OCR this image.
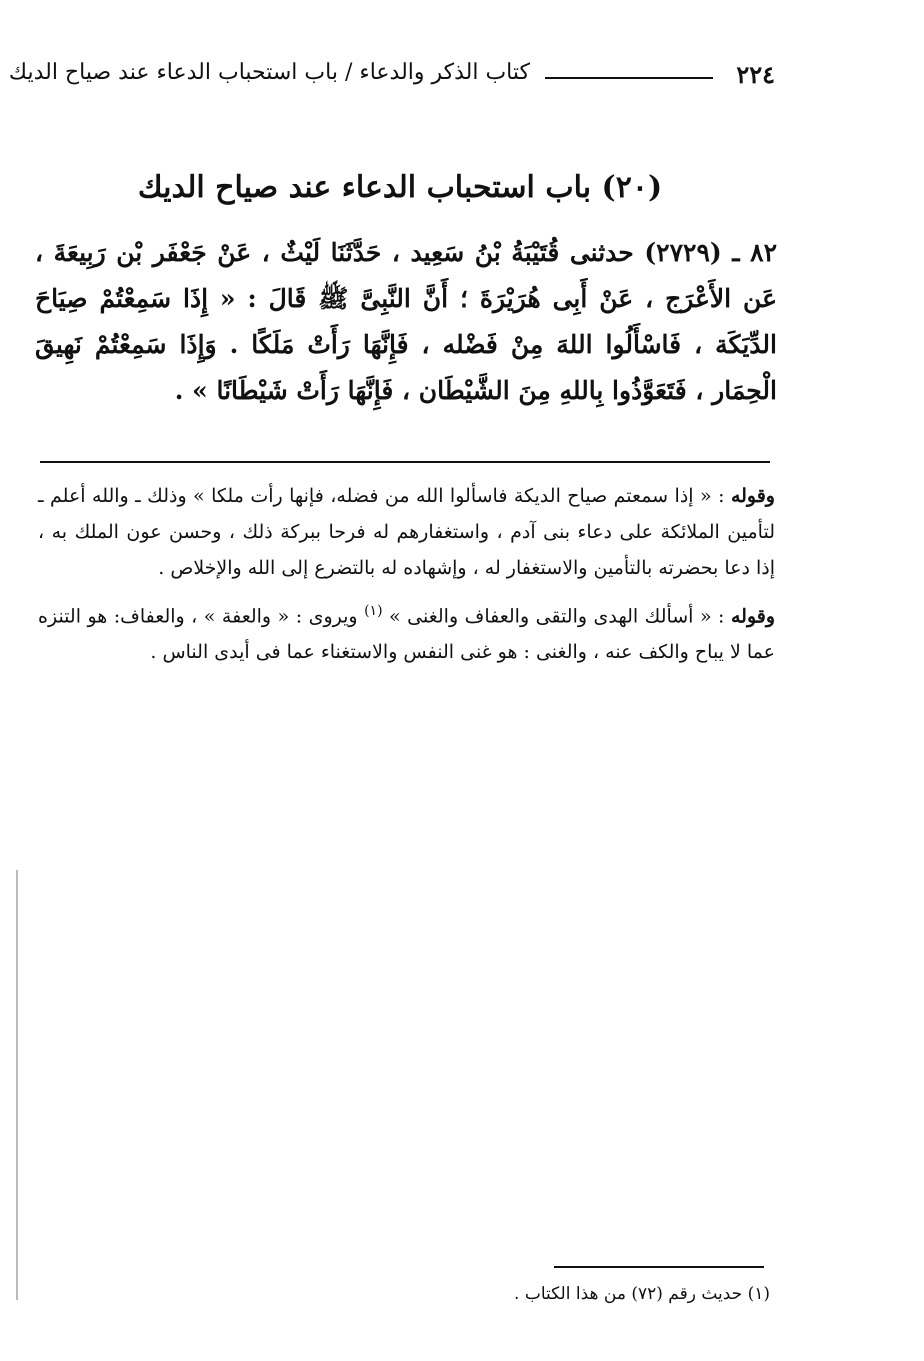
٢٢٤
كتاب الذكر والدعاء / باب استحباب الدعاء عند صياح الديك
(٢٠) باب استحباب الدعاء عند صياح الديك
٨٢ ـ (٢٧٢٩) حدثنى قُتَيْبَةُ بْنُ سَعِيد ، حَدَّثَنَا لَيْثٌ ، عَنْ جَعْفَر بْن رَبِيعَةَ ، عَن الأَعْرَج ، عَنْ أَبِى هُرَيْرَةَ ؛ أَنَّ النَّبِىَّ ﷺ قَالَ : « إِذَا سَمِعْتُمْ صِيَاحَ الدِّيَكَة ، فَاسْأَلُوا اللهَ مِنْ فَضْله ، فَإِنَّهَا رَأَتْ مَلَكًا . وَإِذَا سَمِعْتُمْ نَهِيقَ الْحِمَار ، فَتَعَوَّذُوا بِاللهِ مِنَ الشَّيْطَان ، فَإِنَّهَا رَأَتْ شَيْطَانًا » .

وقوله : « إذا سمعتم صياح الديكة فاسألوا الله من فضله، فإنها رأت ملكا » وذلك ـ والله أعلم ـ لتأمين الملائكة على دعاء بنى آدم ، واستغفارهم له فرحا ببركة ذلك ، وحسن عون الملك به ، إذا دعا بحضرته بالتأمين والاستغفار له ، وإشهاده له بالتضرع إلى الله والإخلاص .

وقوله : « أسألك الهدى والتقى والعفاف والغنى » $^{(١)}$ ويروى : « والعفة » ، والعفاف: هو التنزه عما لا يباح والكف عنه ، والغنى : هو غنى النفس والاستغناء عما فى أيدى الناس .

(١) حديث رقم (٧٢) من هذا الكتاب .
